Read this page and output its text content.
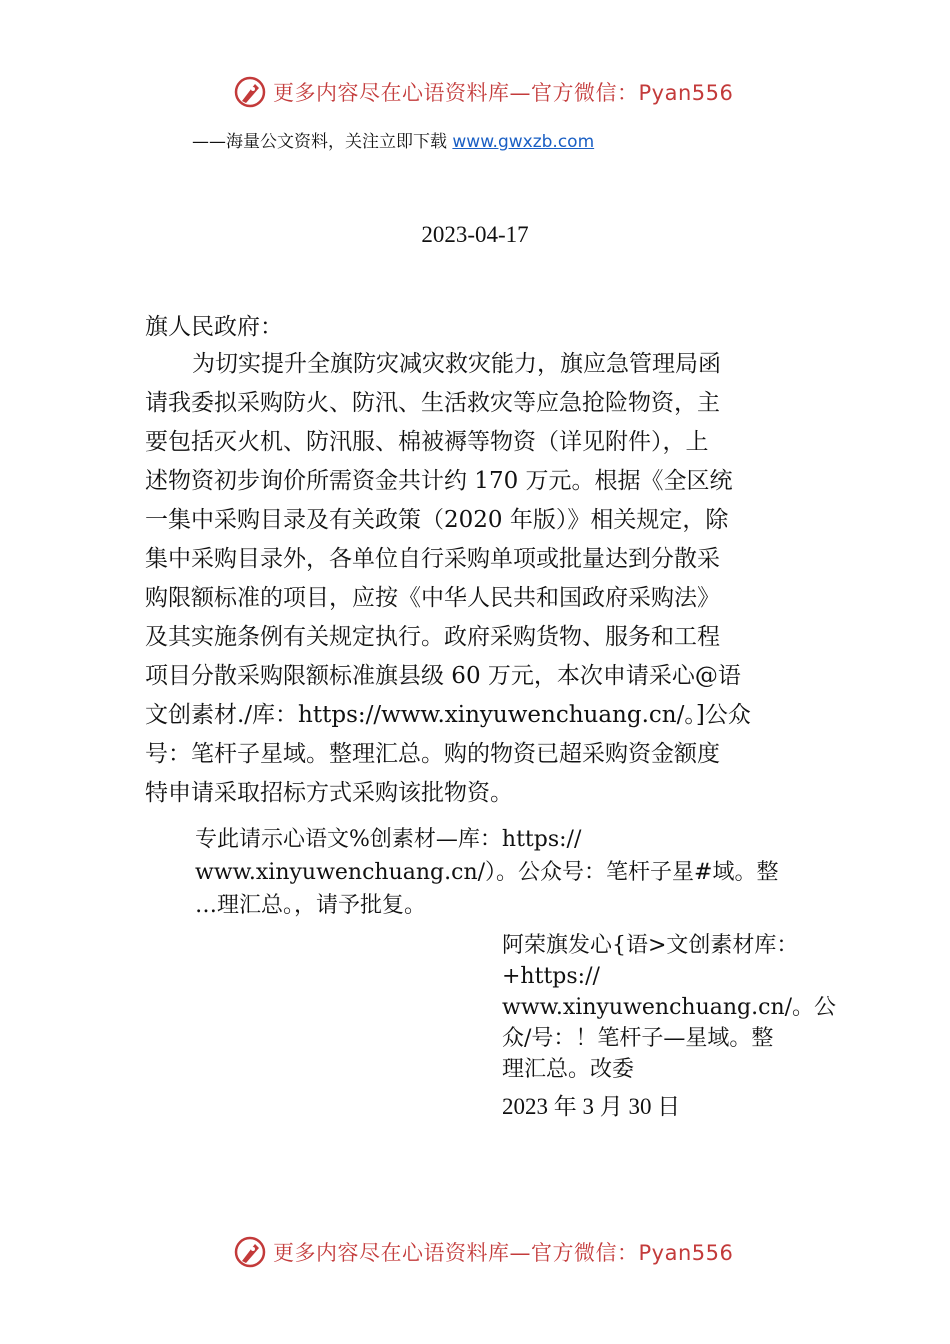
更多内容尽在心语资料库—官方微信：Pyan556
——海量公文资料，关注立即下载 www.gwxzb.com
2023-04-17
旗人民政府：
为切实提升全旗防灾减灾救灾能力，旗应急管理局函
请我委拟采购防火、防汛、生活救灾等应急抢险物资，主
要包括灭火机、防汛服、棉被褥等物资（详见附件），上
述物资初步询价所需资金共计约 170 万元。根据《全区统
一集中采购目录及有关政策（2020 年版）》相关规定，除
集中采购目录外，各单位自行采购单项或批量达到分散采
购限额标准的项目，应按《中华人民共和国政府采购法》
及其实施条例有关规定执行。政府采购货物、服务和工程
项目分散采购限额标准旗县级 60 万元，本次申请采心@语
文创素材./库：https://www.xinyuwenchuang.cn/。]公众
号：笔杆子星域。整理汇总。购的物资已超采购资金额度
特申请采取招标方式采购该批物资。
专此请示心语文%创素材—库：https://
www.xinyuwenchuang.cn/）。公众号：笔杆子星#域。整
…理汇总。，请予批复。
阿荣旗发心{语>文创素材库：
+https://
www.xinyuwenchuang.cn/。公
众/号：！笔杆子—星域。整
理汇总。改委
2023 年 3 月 30 日
更多内容尽在心语资料库—官方微信：Pyan556
